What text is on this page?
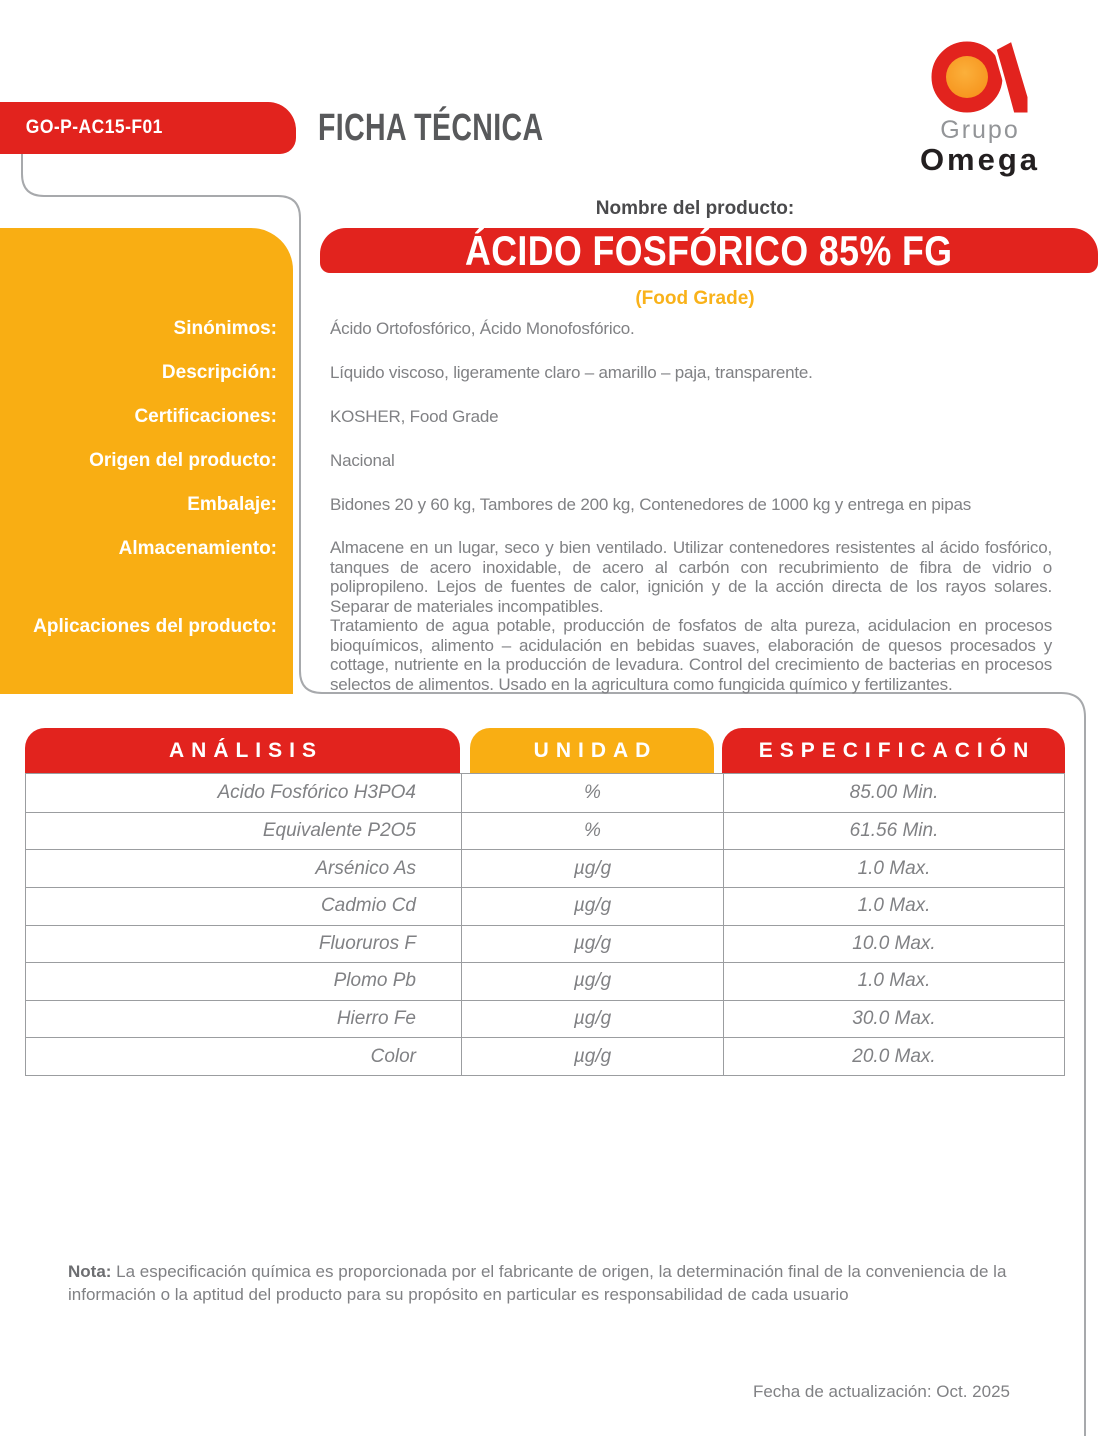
GO-P-AC15-F01	FICHA TÉCNICA	Grupo
Omega
Nombre del producto:
ÁCIDO FOSFÓRICO 85% FG
(Food Grade)
Sinónimos:	Ácido Ortofosfórico, Ácido Monofosfórico.
Descripción:	Líquido viscoso, ligeramente claro – amarillo – paja, transparente.
Certificaciones:	KOSHER, Food Grade
Origen del producto:	Nacional
Embalaje:	Bidones 20 y 60 kg, Tambores de 200 kg, Contenedores de 1000 kg y entrega en pipas
Almacenamiento:	Almacene en un lugar, seco y bien ventilado. Utilizar contenedores resistentes al ácido fosfórico, tanques de acero inoxidable, de acero al carbón con recubrimiento de fibra de vidrio o polipropileno. Lejos de fuentes de calor, ignición y de la acción directa de los rayos solares. Separar de materiales incompatibles.
Aplicaciones del producto:	Tratamiento de agua potable, producción de fosfatos de alta pureza, acidulacion en procesos bioquímicos, alimento – acidulación en bebidas suaves, elaboración de quesos procesados y cottage, nutriente en la producción de levadura. Control del crecimiento de bacterias en procesos selectos de alimentos. Usado en la agricultura como fungicida químico y fertilizantes.
ANÁLISIS	UNIDAD	ESPECIFICACIÓN
Acido Fosfórico H3PO4	%	85.00 Min.
Equivalente P2O5	%	61.56 Min.
Arsénico As	µg/g	1.0 Max.
Cadmio Cd	µg/g	1.0 Max.
Fluoruros F	µg/g	10.0 Max.
Plomo Pb	µg/g	1.0 Max.
Hierro Fe	µg/g	30.0 Max.
Color	µg/g	20.0 Max.
Nota: La especificación química es proporcionada por el fabricante de origen, la determinación final de la conveniencia de la información o la aptitud del producto para su propósito en particular es responsabilidad de cada usuario
Fecha de actualización: Oct. 2025
